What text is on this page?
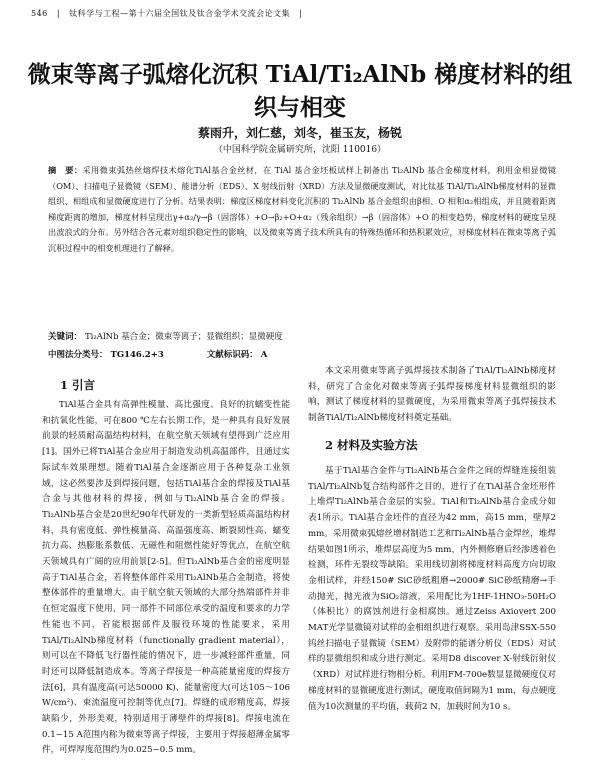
546 | 钛科学与工程—第十六届全国钛及钛合金学术交流会论文集 |
微束等离子弧熔化沉积 TiAl/Ti₂AlNb 梯度材料的组
织与相变
蔡雨升，刘仁慈，刘冬，崔玉友，杨锐
（中国科学院金属研究所，沈阳 110016）
摘　要：采用微束弧热丝熔焊技术熔化TiAl基合金丝材，在 TiAl 基合金坯板试样上制备出 Ti₂AlNb 基合金梯度材料，利用金相显微镜（OM）、扫描电子显微镜（SEM）、能谱分析（EDS）、X 射线衍射（XRD）方法及显微硬度测试，对比钛基 TiAl/Ti₂AlNb梯度材料的显微组织、相组成和显微硬度进行了分析。结果表明：梯度区梯度材料变化沉积的 Ti₂AlNb 基合金组织由β相、O 相和α₂相组成，并且随着距离梯度距离的增加，梯度材料呈现出γ+α₂/γ→β（固溶体）+O→β₂+O+α₂（残余组织）→β（固溶体）+O 的相变趋势，梯度材料的硬度呈现出波浪式的分布。另外结合各元素对组织稳定性的影响，以及微束等离子技术所具有的特殊热循环和热积累效应，对梯度材料在微束等离子弧沉积过程中的相变机理进行了解释。
关键词： Ti₂AlNb 基合金；微束等离子；显微组织；显微硬度
中图法分类号： TG146.2+3	文献标识码： A
1 引言

TiAl基合金具有高弹性模量、高比强度、良好的抗蠕变性能和抗氧化性能，可在800 ℃左右长期工作，是一种具有良好发展前景的轻质耐高温结构材料，在航空航天领域有望得到广泛应用[1]。国外已将TiAl基合金应用于制造发动机高温部件，且通过实际试车效果理想。随着TiAl基合金逐渐应用于各种复杂工业领域，这必然要涉及到焊接问题，包括TiAl基合金的焊接及TiAl基合金与其他材料的焊接，例如与Ti₂AlNb基合金的焊接。Ti₂AlNb基合金是20世纪90年代研发的一类新型轻质高温结构材料，具有密度低、弹性模量高、高温强度高、断裂韧性高、蠕变抗力高、热膨胀系数低、无磁性和阻燃性能好等优点，在航空航天领域具有广阔的应用前景[2-5]。但Ti₂AlNb基合金的密度明显高于TiAl基合金，若将整体部件采用Ti₂AlNb基合金制造，将使整体部件的重量增大。由于航空航天领域的大部分热端部件并非在恒定温度下使用，同一部件不同部位承受的温度和要求的力学性能也不同，若能根据部件及服役环境的性能要求，采用TiAl/Ti₂AlNb梯度材料（functionally gradient material），则可以在不降低飞行器性能的情况下，进一步减轻部件重量，同时还可以降低制造成本。等离子焊接是一种高能量密度的焊接方法[6]，具有温度高(可达50000 K)、能量密度大(可达105～106 W/cm²)、束流温度可控制等优点[7]。焊缝的成形精度高，焊接缺陷少，外形美观，特别适用于薄壁件的焊接[8]。焊接电流在0.1~15 A范围内称为微束等离子焊接，主要用于焊接超薄金属零件，可焊厚度范围约为0.025~0.5 mm。

本文采用微束等离子弧焊接技术制备了TiAl/Ti₂AlNb梯度材料，研究了合金化对微束等离子弧焊接梯度材料显微组织的影响，测试了梯度材料的显微硬度，为采用微束等离子弧焊接技术制备TiAl/Ti₂AlNb梯度材料奠定基础。

2 材料及实验方法

基于TiAl基合金件与Ti₂AlNb基合金件之间的焊缝连接组装TiAl/Ti₂AlNb复合结构部件之目的，进行了在TiAl基合金坯形件上堆焊Ti₂AlNb基合金层的实验。TiAl和Ti₂AlNb基合金成分如表1所示。TiAl基合金坯件的直径为42 mm，高15 mm，壁厚2 mm。采用微束弧熔丝增材制造工艺和Ti₂AlNb基合金焊丝，堆焊结果如图1所示，堆焊层高度为5 mm，内外侧修磨后经渗透着色检测，环件无裂纹等缺陷。采用线切割将梯度材料高度方向切取金相试样，并经150# SiC砂纸粗磨→2000# SiC砂纸精磨→手动抛光，抛光液为SiO₂溶液，采用配比为1HF-1HNO₃-50H₂O（体积比）的腐蚀剂进行金相腐蚀。通过Zeiss Axiovert 200 MAT光学显微镜对试样的金相组织进行观察。采用岛津SSX-550钨丝扫描电子显微镜（SEM）及附带的能谱分析仪（EDS）对试样的显微组织和成分进行测定。采用D8 discover X-射线衍射仪（XRD）对试样进行物相分析。利用FM-700e数显显微硬度仪对梯度材料的显微硬度进行测试，硬度取值间隔为1 mm，每点硬度值为10次测量的平均值，载荷2 N，加载时间为10 s。
